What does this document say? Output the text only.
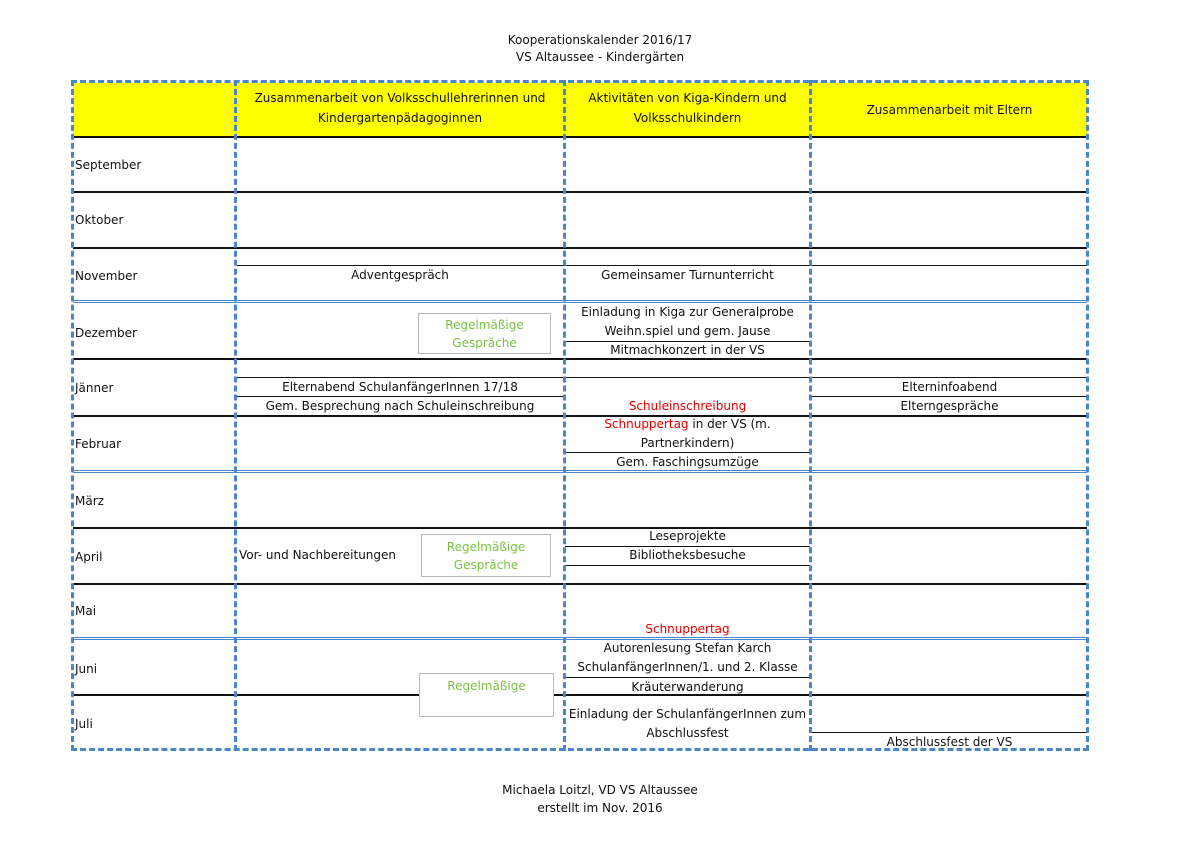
Kooperationskalender 2016/17
VS Altaussee - Kindergärten
Zusammenarbeit von Volksschullehrerinnen und
Kindergartenpädagoginnen
Aktivitäten von Kiga-Kindern und
Volksschulkindern
Zusammenarbeit mit Eltern
September
Oktober
November
Dezember
Jänner
Februar
März
April
Mai
Juni
Juli
Adventgespräch
Elternabend SchulanfängerInnen 17/18
Gem. Besprechung nach Schuleinschreibung
Vor- und Nachbereitungen
Regelmäßige
Gespräche
Regelmäßige
Gespräche
Regelmäßige
Gemeinsamer Turnunterricht
Einladung in Kiga zur Generalprobe
Weihn.spiel und gem. Jause
Mitmachkonzert in der VS
Schuleinschreibung
Schnuppertag in der VS (m.
Partnerkindern)
Gem. Faschingsumzüge
Leseprojekte
Bibliotheksbesuche
Schnuppertag
Autorenlesung Stefan Karch
SchulanfängerInnen/1. und 2. Klasse
Kräuterwanderung
Einladung der SchulanfängerInnen zum
Abschlussfest
Elterninfoabend
Elterngespräche
Abschlussfest der VS
Michaela Loitzl, VD VS Altaussee
erstellt im Nov. 2016
